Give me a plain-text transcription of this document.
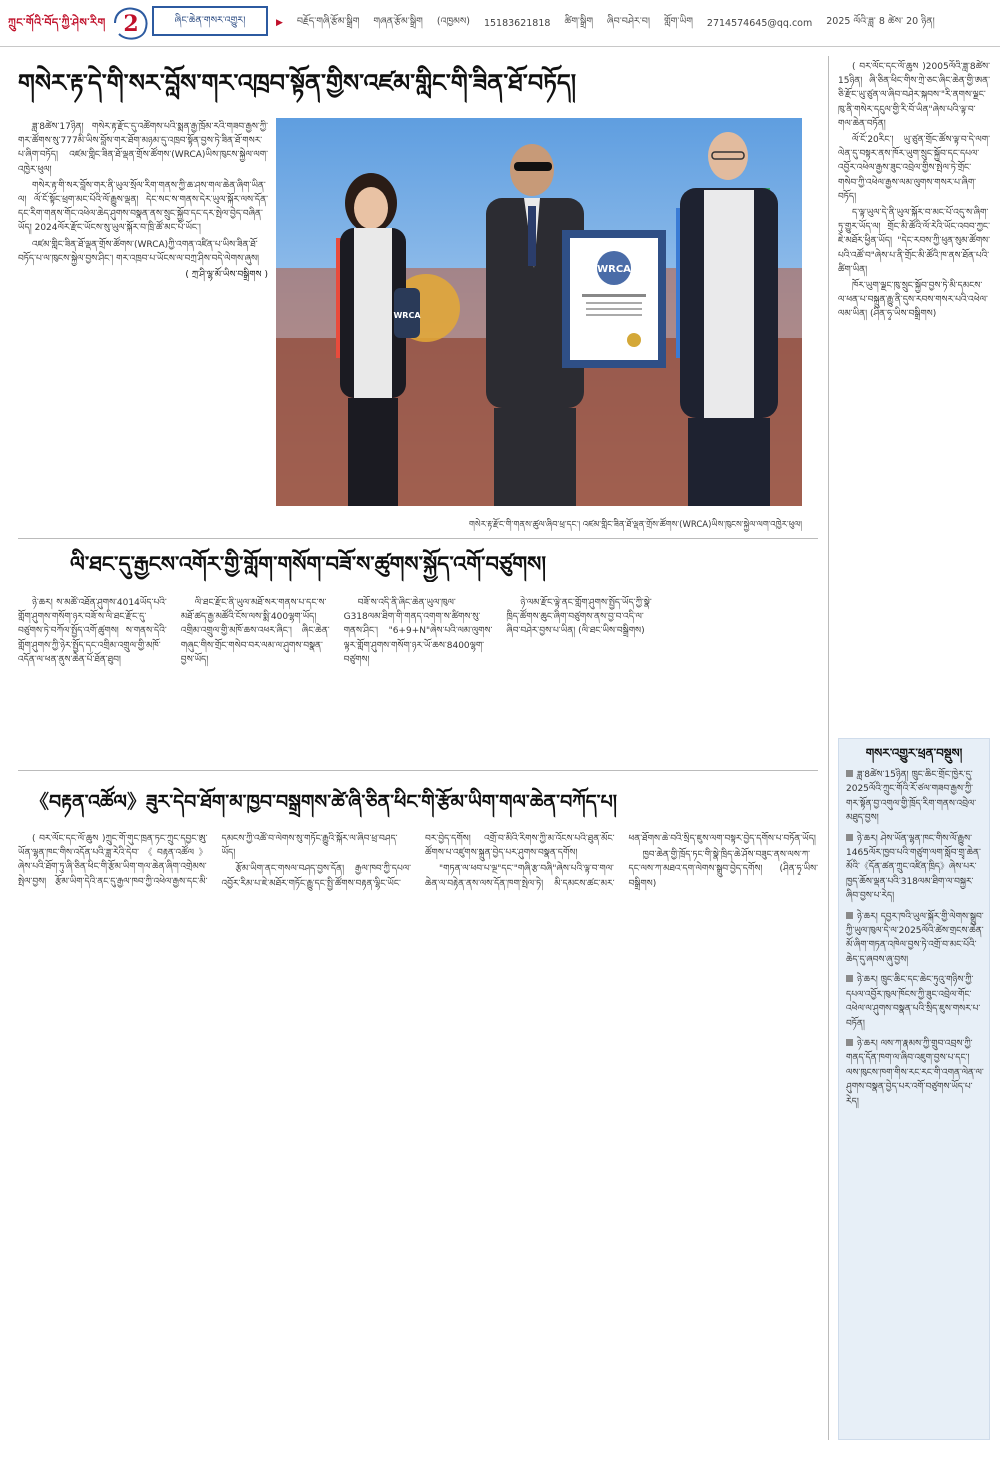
ཀྲུང་གོའི་བོད་ཀྱི་ཤེས་རིག 2	ཞིང་ཆེན་གསར་འགྱུར།	▶ བརྗོད་གཞི་རྩོམ་སྒྲིག གཞན་རྩོམ་སྒྲིག (འཁྱམས) 15183621818 ཚིག་སྒྲིག ཞིབ་བཤེར་བ། གློག་ཡིག 2714574645@qq.com 2025 ལོའི་ཟླ་ 8 ཚེས་ 20 ཉིན།
གསེར་རྟ་དེ་གི་སར་བློས་གར་འཁྲབ་སྟོན་གྱིས་འཛམ་གླིང་གི་ཟིན་ཐོ་བཏོད།

ཟླ་8ཚེས་17ཉིན། གསེར་རྟ་རྫོང་དུ་འཚོགས་པའི་སྨན་རྒྱ་ཁྲོམ་རའི་གཟབ་རྒྱས་ཀྱི་གར་ཚོགས་སུ་777མི་ཡིས་བློས་གར་ཐོག་མཉམ་དུ་འཁྲབ་སྟོན་བྱས་ཏེ་ཟིན་ཐོ་གསར་པ་ཞིག་བཏོད། འཛམ་གླིང་ཟིན་ཐོ་ལྡན་གྲོས་ཚོགས་(WRCA)ཡིས་ཁུངས་སྐྱེལ་ལག་འཁྱེར་ཕུལ།

གསེར་རྟ་གི་སར་བློས་གར་ནི་ཡུལ་སྲོལ་རིག་གནས་ཀྱི་ཆ་ཤས་གལ་ཆེན་ཞིག་ཡིན་ལ། ལོ་ངོ་སྟོང་ཕྲག་མང་པོའི་ལོ་རྒྱུས་ལྡན། དེང་སང་ས་གནས་དེར་ཡུལ་སྐོར་ལས་དོན་དང་རིག་གནས་གོང་འཕེལ་ཆེད་ཤུགས་བསྣན་ནས་སྲུང་སྐྱོབ་དང་དར་སྤེལ་བྱེད་བཞིན་ཡོད། 2024ལོར་རྫོང་ཡོངས་སུ་ཡུལ་སྐོར་བ་ཁྲི་ཚོ་མང་པོ་ཡོང་།

འཛམ་གླིང་ཟིན་ཐོ་ལྡན་གྲོས་ཚོགས་(WRCA)ཀྱི་འགན་འཛིན་པ་ཡིས་ཟིན་ཐོ་བཏོད་པ་ལ་ཁུངས་སྐྱེལ་བྱས་ཤིང་། གར་འཁྲབ་པ་ཡོངས་ལ་བཀྲ་ཤིས་བདེ་ལེགས་ཞུས།

( ཀྲ་ཤི་ལྷ་མོ་ཡིས་བསྒྲིགས )

WRCA
WRCA
གསེར་རྟ་རྫོང་གི་གནས་ཚུལ་ཞིབ་ཕྲ་དང་། འཛམ་གླིང་ཟིན་ཐོ་ལྡན་གྲོས་ཚོགས་(WRCA)ཡིས་ཁུངས་སྐྱེལ་ལག་འཁྱེར་ཕུལ།
ལི་ཐང་དུ་རྒྱངས་འགོར་གྱི་གློག་གསོག་བཟོ་ས་ཚུགས་སྐྱོད་འགོ་བཙུགས།

ཉེ་ཆར། ས་མཚོ་འཐོན་ཤུགས་4014ཡོད་པའི་གློག་ཤུགས་གསོག་ཉར་བཟོ་ས་ལི་ཐང་རྫོང་དུ་བཙུགས་ཏེ་བཀོལ་སྤྱོད་འགོ་ཚུགས། ས་གནས་དེའི་གློག་ཤུགས་ཀྱི་ཉེར་སྤྱོད་དང་འགྲིམ་འགྲུལ་གྱི་མཁོ་འདོན་ལ་ཕན་ནུས་ཆེན་པོ་ཐོན་ཐུབ།

ལི་ཐང་རྫོང་ནི་ཡུལ་མཐོ་སར་གནས་པ་དང་ས་མཐོ་ཚད་རྒྱ་མཚོའི་ངོས་ལས་སྨི་400ལྷག་ཡོད། འགྲིམ་འགྲུལ་གྱི་མཁོ་ཆས་འཕར་ཞིང་། ཞིང་ཆེན་གཞུང་གིས་གྲོང་གསེབ་བར་ལམ་ལ་ཤུགས་བསྣན་བྱས་ཡོད།

བཟོ་ས་འདི་ནི་ཞིང་ཆེན་ཡུལ་ཁུལ་G318ལམ་ཐིག་གི་གནད་འགག་ས་ཚིགས་སུ་གནས་ཤིང་། "6+9+N"ཞེས་པའི་ལམ་ལུགས་ལྟར་གློག་ཤུགས་གསོག་ཉར་ཡོ་ཆས་8400ལྷག་བཙུགས།

ཉེ་ལམ་རྫོང་ལྟེ་ནང་གློག་ཤུགས་སྤྱོད་ཡོད་ཀྱི་སྣེ་ཁྲིད་ཚོགས་ཆུང་ཞིག་བཙུགས་ནས་བྱ་བ་འདི་ལ་ཞིབ་བཤེར་བྱས་པ་ཡིན། (ལི་ཐང་ཡིས་བསྒྲིགས)

《བརྟན་འཚོལ》ཟུར་དེབ་ཐོག་མ་ཁྱབ་བསྒྲགས་ཚེ་ཞི་ཅིན་ཕིང་གི་རྩོམ་ཡིག་གལ་ཆེན་བཀོད་པ།

( བར་ལོང་དང་ལོ་ཆུས )ཀྲུང་གོ་གུང་ཁྲན་ཏང་ཀྲུང་དབྱང་ཨུ་ཡོན་ལྷན་ཁང་གིས་འདོན་པའི་ཟླ་རེའི་དེབ་《བརྟན་འཚོལ》ཞེས་པའི་ཐོག་ཏུ་ཞི་ཅིན་ཕིང་གི་རྩོམ་ཡིག་གལ་ཆེན་ཞིག་འགྲེམས་སྤེལ་བྱས། རྩོམ་ཡིག་དེའི་ནང་དུ་རྒྱལ་ཁབ་ཀྱི་འཕེལ་རྒྱས་དང་མི་དམངས་ཀྱི་འཚོ་བ་ལེགས་སུ་གཏོང་རྒྱུའི་སྐོར་ལ་ཞིབ་ཕྲ་བཤད་ཡོད།

རྩོམ་ཡིག་ནང་གསལ་བཤད་བྱས་དོན། རྒྱལ་ཁབ་ཀྱི་དཔལ་འབྱོར་རིམ་པ་ཇེ་མཐོར་གཏོང་རྒྱུ་དང་སྤྱི་ཚོགས་བརྟན་ལྷིང་ཡོང་བར་བྱེད་དགོས། འགྲོ་བ་མིའི་རིགས་ཀྱི་མ་འོངས་པའི་ཐུན་མོང་ཚོགས་པ་འཛུགས་སྐྲུན་བྱེད་པར་ཤུགས་བསྣན་དགོས།

"གཏན་ལ་ཕབ་པ་ལྔ"དང་"གཞི་རྩ་བཞི"ཞེས་པའི་ལྟ་བ་གལ་ཆེན་ལ་བརྟེན་ནས་ལས་དོན་ཁག་སྤེལ་ཏེ། མི་དམངས་ཚང་མར་ཕན་ཐོགས་ཆེ་བའི་སྲིད་ཇུས་ལག་བསྟར་བྱེད་དགོས་པ་བཏོན་ཡོད།

ཁྱབ་ཆེན་གྱི་ཁྲོད་ཏང་གི་སྣེ་ཁྲིད་ཆེ་ཤོས་བཟུང་ནས་ལས་ཀ་དང་ལས་ཀ་མཐའ་དག་ལེགས་སྒྲུབ་བྱེད་དགོས། (ཤིན་ཧྭ་ཡིས་བསྒྲིགས)

( བར་ལོང་དང་ལོ་ཆུས )2005ལོའི་ཟླ་8ཚེས་15ཉིན། ཞི་ཅིན་ཕིང་གིས་ཀྲེ་ཅང་ཞིང་ཆེན་གྱི་ཨན་ཅི་རྫོང་ཡུ་ཙུན་ལ་ཞིབ་བཤེར་སྐབས་"རི་ནགས་ལྗང་ཁུ་ནི་གསེར་དངུལ་གྱི་རི་བོ་ཡིན"ཞེས་པའི་ལྟ་བ་གལ་ཆེན་བཏོན།

ལོ་ངོ་20རིང་། ཡུ་ཙུན་གྲོང་ཚོས་ལྟ་བ་དེ་ལག་ལེན་དུ་བསྟར་ནས་ཁོར་ཡུག་སྲུང་སྐྱོབ་དང་དཔལ་འབྱོར་འཕེལ་རྒྱས་ཟུང་འབྲེལ་གྱིས་སྤེལ་ཏེ་གྲོང་གསེབ་ཀྱི་འཕེལ་རྒྱས་ལམ་ལུགས་གསར་པ་ཞིག་བཏོད།

ད་ལྟ་ཡུལ་དེ་ནི་ཡུལ་སྐོར་བ་མང་པོ་འདུ་ས་ཞིག་ཏུ་གྱུར་ཡོད་ལ། གྲོང་མི་ཚོའི་ལོ་རེའི་ཡོང་འབབ་ཀྱང་ཇེ་མཐོར་ཕྱིན་ཡོད། "དེང་རབས་ཀྱི་ཕུན་སུམ་ཚོགས་པའི་འཚོ་བ"ཞེས་པ་ནི་གྲོང་མི་ཚོའི་ཁ་ནས་ཐོན་པའི་ཚིག་ཡིན།

ཁོར་ཡུག་ལྗང་ཁུ་སྲུང་སྐྱོབ་བྱས་ཏེ་མི་དམངས་ལ་ཕན་པ་བསྐྲུན་རྒྱུ་ནི་དུས་རབས་གསར་པའི་འཕེལ་ལམ་ཡིན། (ཤིན་ཧྭ་ཡིས་བསྒྲིགས)

གསར་འགྱུར་ཕྲན་བསྡུས།

ཟླ་8ཚེས་15ཉིན། ཁྲུང་ཆིང་གྲོང་ཁྱེར་དུ་2025ལོའི་ཀྲུང་གོའི་རོ་ཙལ་གཟབ་རྒྱས་ཀྱི་གར་སྟོན་བྱ་འགུལ་གྱི་ཁྲོད་རིག་གནས་འབྲེལ་མཐུད་བྱས།

ཉེ་ཆར། ཤེས་ཡོན་ལྷན་ཁང་གིས་ལོ་རྒྱུས་1465ལོར་ཁྱབ་པའི་གཙུག་ལག་སློབ་གྲྭ་ཆེན་མོའི་《དོན་ཚན་ཀྲུང་འཛིན་ཁྲིད》ཞེས་པར་ཁྱད་ཆོས་ལྡན་པའི་318ལམ་ཐིག་ལ་བསྐྱར་ཞིབ་བྱས་པ་རེད།

ཉེ་ཆར། དབྱར་ཁའི་ཡུལ་སྐོར་གྱི་ལེགས་སྒྲུབ་ཀྱི་ཡུལ་ཁུལ་དེ་ལ་2025ལོའི་ཚེས་གྲངས་ཆེན་མོ་ཞིག་གཏན་འཁེལ་བྱས་ཏེ་འགྲོ་བ་མང་པོའི་ཆེད་དུ་ཞབས་ཞུ་བྱས།

ཉེ་ཆར། ཁྲུང་ཆིང་དང་ཆེང་ཏུའུ་གཉིས་ཀྱི་དཔལ་འབྱོར་ཁུལ་ཁོངས་ཀྱི་ཟུང་འབྲེལ་གོང་འཕེལ་ལ་ཤུགས་བསྣན་པའི་སྲིད་ཇུས་གསར་པ་བཏོན།

ཉེ་ཆར། ལས་ཀ་རྣམས་ཀྱི་གྲུབ་འབྲས་ཀྱི་གནད་དོན་ཁག་ལ་ཞིབ་འཇུག་བྱས་པ་དང་། ལས་ཁུངས་ཁག་གིས་རང་རང་གི་འགན་ལེན་ལ་ཤུགས་བསྣན་བྱེད་པར་འགོ་བཙུགས་ཡོད་པ་རེད།
